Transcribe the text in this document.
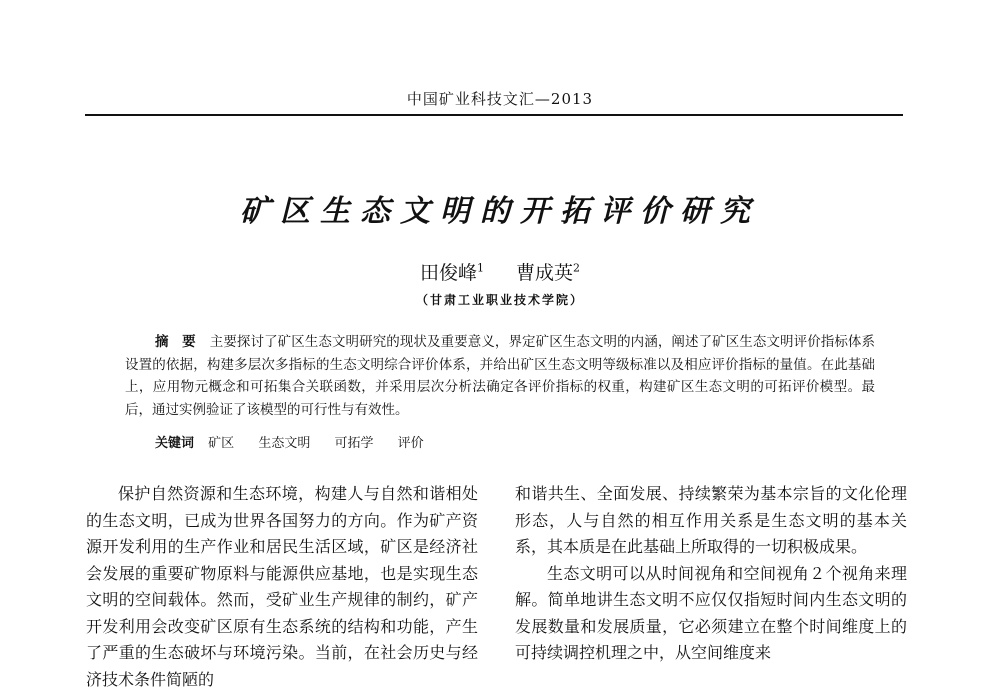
中国矿业科技文汇—2013
矿区生态文明的开拓评价研究
田俊峰$^1$ 曹成英$^2$
（甘肃工业职业技术学院）
摘　要 主要探讨了矿区生态文明研究的现状及重要意义，界定矿区生态文明的内涵，阐述了矿区生态文明评价指标体系设置的依据，构建多层次多指标的生态文明综合评价体系，并给出矿区生态文明等级标准以及相应评价指标的量值。在此基础上，应用物元概念和可拓集合关联函数，并采用层次分析法确定各评价指标的权重，构建矿区生态文明的可拓评价模型。最后，通过实例验证了该模型的可行性与有效性。
关键词 矿区 生态文明 可拓学 评价

保护自然资源和生态环境，构建人与自然和谐相处的生态文明，已成为世界各国努力的方向。作为矿产资源开发利用的生产作业和居民生活区域，矿区是经济社会发展的重要矿物原料与能源供应基地，也是实现生态文明的空间载体。然而，受矿业生产规律的制约，矿产开发利用会改变矿区原有生态系统的结构和功能，产生了严重的生态破坏与环境污染。当前，在社会历史与经济技术条件简陋的

和谐共生、全面发展、持续繁荣为基本宗旨的文化伦理形态，人与自然的相互作用关系是生态文明的基本关系，其本质是在此基础上所取得的一切积极成果。

生态文明可以从时间视角和空间视角２个视角来理解。简单地讲生态文明不应仅仅指短时间内生态文明的发展数量和发展质量，它必须建立在整个时间维度上的可持续调控机理之中，从空间维度来
